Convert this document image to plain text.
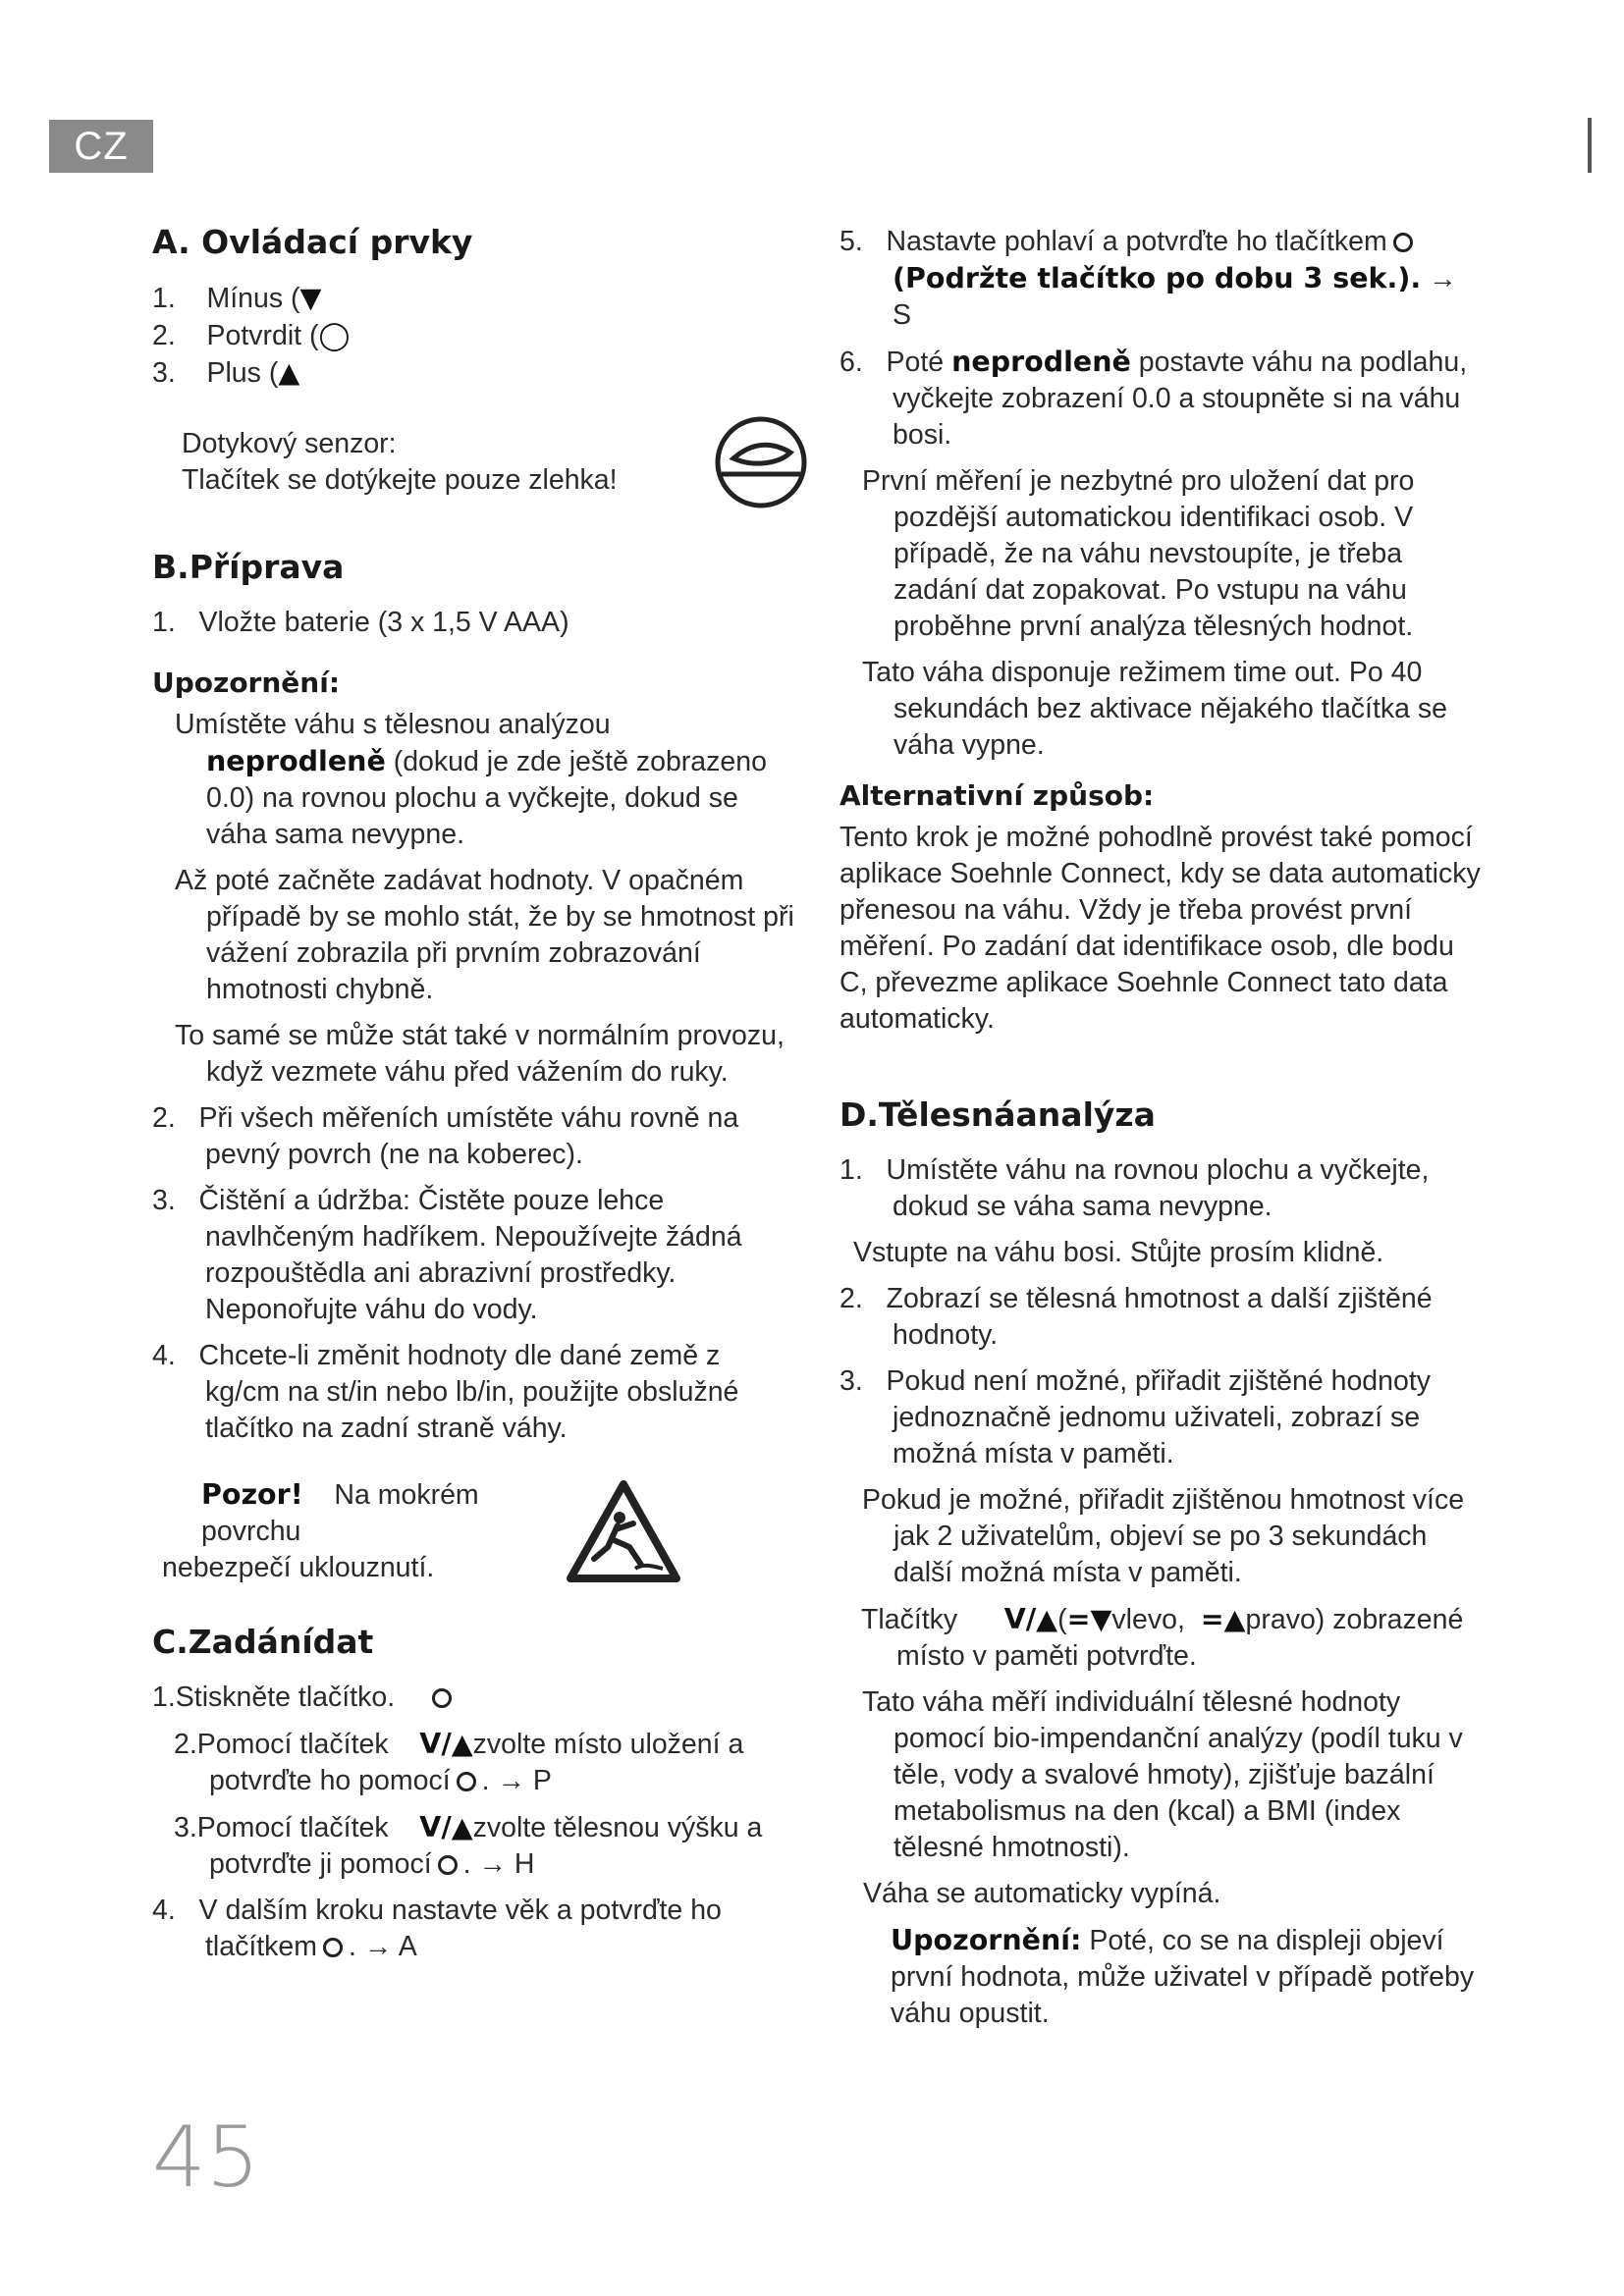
CZ
A. Ovládací prvky

1. Mínus (▼

2. Potvrdit (◯

3. Plus (▲

Dotykový senzor:

Tlačítek se dotýkejte pouze zlehka!

B.Příprava

1.   Vložte baterie (3 x 1,5 V AAA)

Upozornění:

Umístěte váhu s tělesnou analýzou neprodleně (dokud je zde ještě zobrazeno 0.0) na rovnou plochu a vyčkejte, dokud se váha sama nevypne.

Až poté začněte zadávat hodnoty. V opačném případě by se mohlo stát, že by se hmotnost při vážení zobrazila při prvním zobrazování hmotnosti chybně.

To samé se může stát také v normálním provozu, když vezmete váhu před vážením do ruky.

2.   Při všech měřeních umístěte váhu rovně na pevný povrch (ne na koberec).

3.   Čištění a údržba: Čistěte pouze lehce navlhčeným hadříkem. Nepoužívejte žádná rozpouštědla ani abrazivní prostředky. Neponořujte váhu do vody.

4.   Chcete-li změnit hodnoty dle dané země z kg/cm na st/in nebo lb/in, použijte obslužné tlačítko na zadní straně váhy.

Pozor! Na mokrém povrchu

nebezpečí uklouznutí.

C.Zadánídat

1.Stiskněte tlačítko.

2.Pomocí tlačítek V/▲zvolte místo uložení a potvrďte ho pomocí . → P

3.Pomocí tlačítek V/▲zvolte tělesnou výšku a potvrďte ji pomocí . → H

4.   V dalším kroku nastavte věk a potvrďte ho tlačítkem . → A

5.   Nastavte pohlaví a potvrďte ho tlačítkem
(Podržte tlačítko po dobu 3 sek.). → S

6.   Poté neprodleně postavte váhu na podlahu, vyčkejte zobrazení 0.0 a stoupněte si na váhu bosi.

První měření je nezbytné pro uložení dat pro pozdější automatickou identifikaci osob. V případě, že na váhu nevstoupíte, je třeba zadání dat zopakovat. Po vstupu na váhu proběhne první analýza tělesných hodnot.

Tato váha disponuje režimem time out. Po 40 sekundách bez aktivace nějakého tlačítka se váha vypne.

Alternativní způsob:

Tento krok je možné pohodlně provést také pomocí aplikace Soehnle Connect, kdy se data automaticky přenesou na váhu. Vždy je třeba provést první měření. Po zadání dat identifikace osob, dle bodu C, převezme aplikace Soehnle Connect tato data automaticky.

D.Tělesnáanalýza

1.   Umístěte váhu na rovnou plochu a vyčkejte, dokud se váha sama nevypne.

Vstupte na váhu bosi. Stůjte prosím klidně.

2.   Zobrazí se tělesná hmotnost a další zjištěné hodnoty.

3.   Pokud není možné, přiřadit zjištěné hodnoty jednoznačně jednomu uživateli, zobrazí se možná místa v paměti.

Pokud je možné, přiřadit zjištěnou hmotnost více jak 2 uživatelům, objeví se po 3 sekundách další možná místa v paměti.

Tlačítky V/▲(=▼vlevo, =▲pravo) zobrazené místo v paměti potvrďte.

Tato váha měří individuální tělesné hodnoty pomocí bio-impendanční analýzy (podíl tuku v těle, vody a svalové hmoty), zjišťuje bazální metabolismus na den (kcal) a BMI (index tělesné hmotnosti).

Váha se automaticky vypíná.

Upozornění: Poté, co se na displeji objeví první hodnota, může uživatel v případě potřeby váhu opustit.

45
